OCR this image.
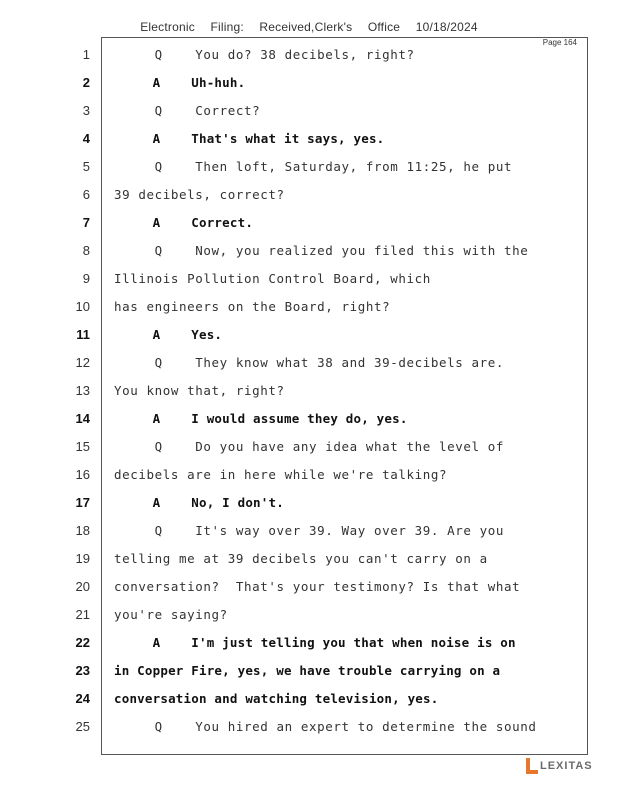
Electronic Filing: Received,Clerk's Office 10/18/2024
Page 164
1 Q    You do? 38 decibels, right?
2 A    Uh-huh.
3 Q    Correct?
4 A    That's what it says, yes.
5 Q    Then loft, Saturday, from 11:25, he put
6 39 decibels, correct?
7 A    Correct.
8 Q    Now, you realized you filed this with the
9 Illinois Pollution Control Board, which
10 has engineers on the Board, right?
11 A    Yes.
12 Q    They know what 38 and 39-decibels are.
13 You know that, right?
14 A    I would assume they do, yes.
15 Q    Do you have any idea what the level of
16 decibels are in here while we're talking?
17 A    No, I don't.
18 Q    It's way over 39. Way over 39. Are you
19 telling me at 39 decibels you can't carry on a
20 conversation?  That's your testimony? Is that what
21 you're saying?
22 A    I'm just telling you that when noise is on
23 in Copper Fire, yes, we have trouble carrying on a
24 conversation and watching television, yes.
25 Q    You hired an expert to determine the sound
LEXITAS
